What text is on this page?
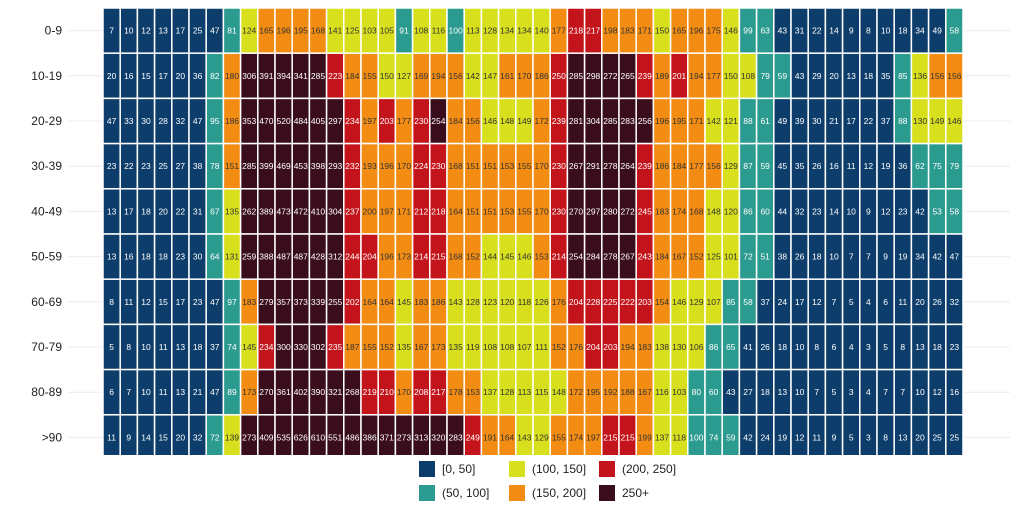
7 10 12 13 17 25 47 81 124 165 196 195 168 141 125 103 105 91 108 116 100 113 128 134 134 140 177 218 217 198 183 171 150 165 196 175 146 99 63 43 31 22 14 9 8 10 18 34 49 58
20 16 15 17 20 36 82 180 306 391 394 341 285 223 184 155 150 127 169 194 156 142 147 161 170 186 250 285 298 272 265 239 189 201 194 177 150 108 79 59 43 29 20 13 18 35 85 136 156 156
47 33 30 28 32 47 95 186 353 470 520 484 405 297 234 197 203 177 230 254 184 156 146 148 149 172 239 281 304 285 283 256 196 195 171 142 121 88 61 49 39 30 21 17 22 37 88 130 149 146
23 22 23 25 27 38 78 151 285 399 469 453 398 293 232 193 196 170 224 230 168 151 151 153 155 170 230 267 291 278 264 239 186 184 177 156 129 87 59 45 35 26 16 11 12 19 36 62 75 79
13 17 18 20 22 31 67 135 262 389 473 472 410 304 237 200 197 171 212 218 164 151 151 153 155 170 230 270 297 280 272 245 183 174 168 148 120 86 60 44 32 23 14 10 9 12 23 42 53 58
13 16 18 18 23 30 64 131 259 388 487 487 428 312 244 204 196 173 214 215 168 152 144 145 146 153 214 254 284 278 267 243 184 167 152 125 101 72 51 38 26 18 10 7 7 9 19 34 42 47
8 11 12 15 17 23 47 97 183 279 357 373 339 255 202 164 164 145 183 186 143 128 123 120 118 126 176 204 228 225 222 203 154 146 129 107 85 58 37 24 17 12 7 5 4 6 11 20 26 32
5 8 10 11 13 18 37 74 145 234 300 330 302 235 187 155 152 135 167 173 135 119 108 108 107 111 152 176 204 203 194 183 138 130 106 86 65 41 26 18 10 8 6 4 3 5 8 13 18 23
6 7 10 11 13 21 47 89 173 270 361 402 390 321 268 219 210 170 208 217 178 153 137 128 113 115 148 172 195 192 188 167 116 103 80 60 43 27 18 13 10 7 5 3 4 7 7 10 12 16
11 9 14 15 20 32 72 139 273 409 535 626 610 551 486 386 371 273 313 320 283 249 191 164 143 129 155 174 197 215 215 199 137 118 100 74 59 42 24 19 12 11 9 5 3 8 13 20 25 25
0-9
10-19
20-29
30-39
40-49
50-59
60-69
70-79
80-89
>90
[0, 50]
(50, 100]
(100, 150]
(150, 200]
(200, 250]
250+
